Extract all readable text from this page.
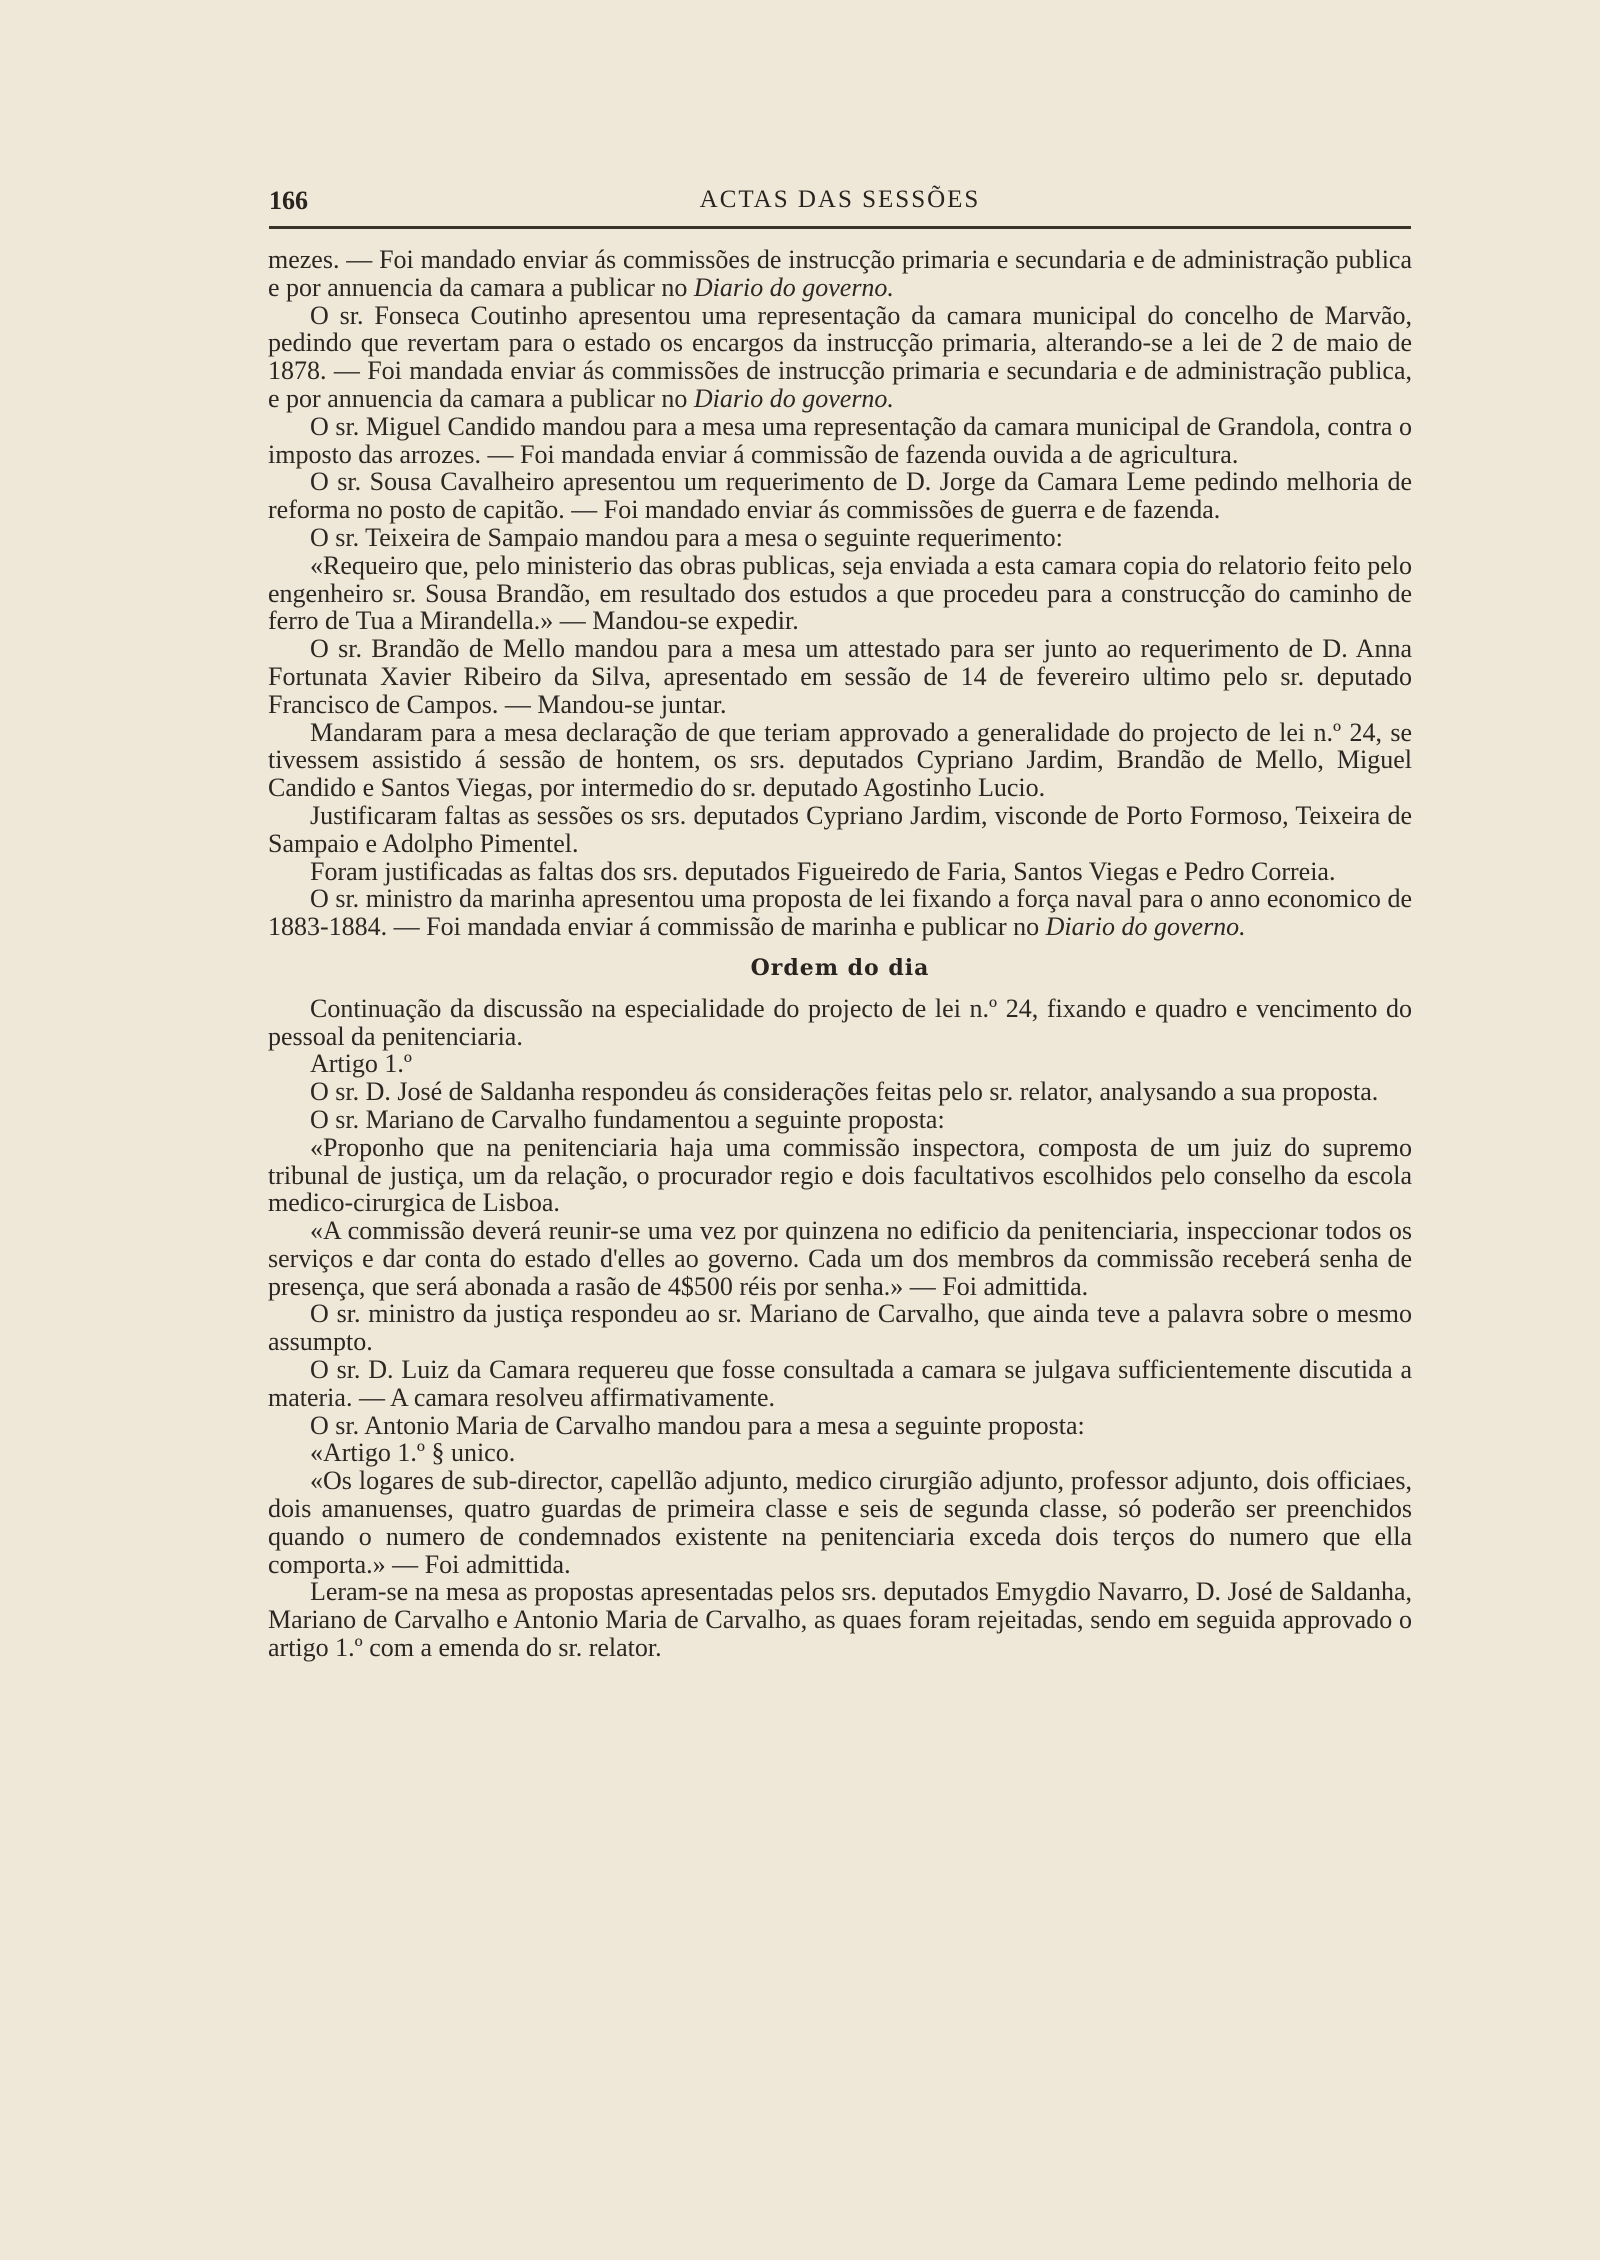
166	ACTAS DAS SESSÕES

mezes. — Foi mandado enviar ás commissões de instrucção primaria e secundaria e de administração publica e por annuencia da camara a publicar no Diario do governo.

O sr. Fonseca Coutinho apresentou uma representação da camara municipal do concelho de Marvão, pedindo que revertam para o estado os encargos da instrucção primaria, alterando-se a lei de 2 de maio de 1878. — Foi mandada enviar ás commissões de instrucção primaria e secundaria e de administração publica, e por annuencia da camara a publicar no Diario do governo.

O sr. Miguel Candido mandou para a mesa uma representação da camara municipal de Grandola, contra o imposto das arrozes. — Foi mandada enviar á commissão de fazenda ouvida a de agricultura.

O sr. Sousa Cavalheiro apresentou um requerimento de D. Jorge da Camara Leme pedindo melhoria de reforma no posto de capitão. — Foi mandado enviar ás commissões de guerra e de fazenda.

O sr. Teixeira de Sampaio mandou para a mesa o seguinte requerimento:

«Requeiro que, pelo ministerio das obras publicas, seja enviada a esta camara copia do relatorio feito pelo engenheiro sr. Sousa Brandão, em resultado dos estudos a que procedeu para a construcção do caminho de ferro de Tua a Mirandella.» — Mandou-se expedir.

O sr. Brandão de Mello mandou para a mesa um attestado para ser junto ao requerimento de D. Anna Fortunata Xavier Ribeiro da Silva, apresentado em sessão de 14 de fevereiro ultimo pelo sr. deputado Francisco de Campos. — Mandou-se juntar.

Mandaram para a mesa declaração de que teriam approvado a generalidade do projecto de lei n.º 24, se tivessem assistido á sessão de hontem, os srs. deputados Cypriano Jardim, Brandão de Mello, Miguel Candido e Santos Viegas, por intermedio do sr. deputado Agostinho Lucio.

Justificaram faltas as sessões os srs. deputados Cypriano Jardim, visconde de Porto Formoso, Teixeira de Sampaio e Adolpho Pimentel.

Foram justificadas as faltas dos srs. deputados Figueiredo de Faria, Santos Viegas e Pedro Correia.

O sr. ministro da marinha apresentou uma proposta de lei fixando a força naval para o anno economico de 1883-1884. — Foi mandada enviar á commissão de marinha e publicar no Diario do governo.

Ordem do dia

Continuação da discussão na especialidade do projecto de lei n.º 24, fixando e quadro e vencimento do pessoal da penitenciaria.

Artigo 1.º

O sr. D. José de Saldanha respondeu ás considerações feitas pelo sr. relator, analysando a sua proposta.

O sr. Mariano de Carvalho fundamentou a seguinte proposta:

«Proponho que na penitenciaria haja uma commissão inspectora, composta de um juiz do supremo tribunal de justiça, um da relação, o procurador regio e dois facultativos escolhidos pelo conselho da escola medico-cirurgica de Lisboa.

«A commissão deverá reunir-se uma vez por quinzena no edificio da penitenciaria, inspeccionar todos os serviços e dar conta do estado d'elles ao governo. Cada um dos membros da commissão receberá senha de presença, que será abonada a rasão de 4$500 réis por senha.» — Foi admittida.

O sr. ministro da justiça respondeu ao sr. Mariano de Carvalho, que ainda teve a palavra sobre o mesmo assumpto.

O sr. D. Luiz da Camara requereu que fosse consultada a camara se julgava sufficientemente discutida a materia. — A camara resolveu affirmativamente.

O sr. Antonio Maria de Carvalho mandou para a mesa a seguinte proposta:

«Artigo 1.º § unico.

«Os logares de sub-director, capellão adjunto, medico cirurgião adjunto, professor adjunto, dois officiaes, dois amanuenses, quatro guardas de primeira classe e seis de segunda classe, só poderão ser preenchidos quando o numero de condemnados existente na penitenciaria exceda dois terços do numero que ella comporta.» — Foi admittida.

Leram-se na mesa as propostas apresentadas pelos srs. deputados Emygdio Navarro, D. José de Saldanha, Mariano de Carvalho e Antonio Maria de Carvalho, as quaes foram rejeitadas, sendo em seguida approvado o artigo 1.º com a emenda do sr. relator.
